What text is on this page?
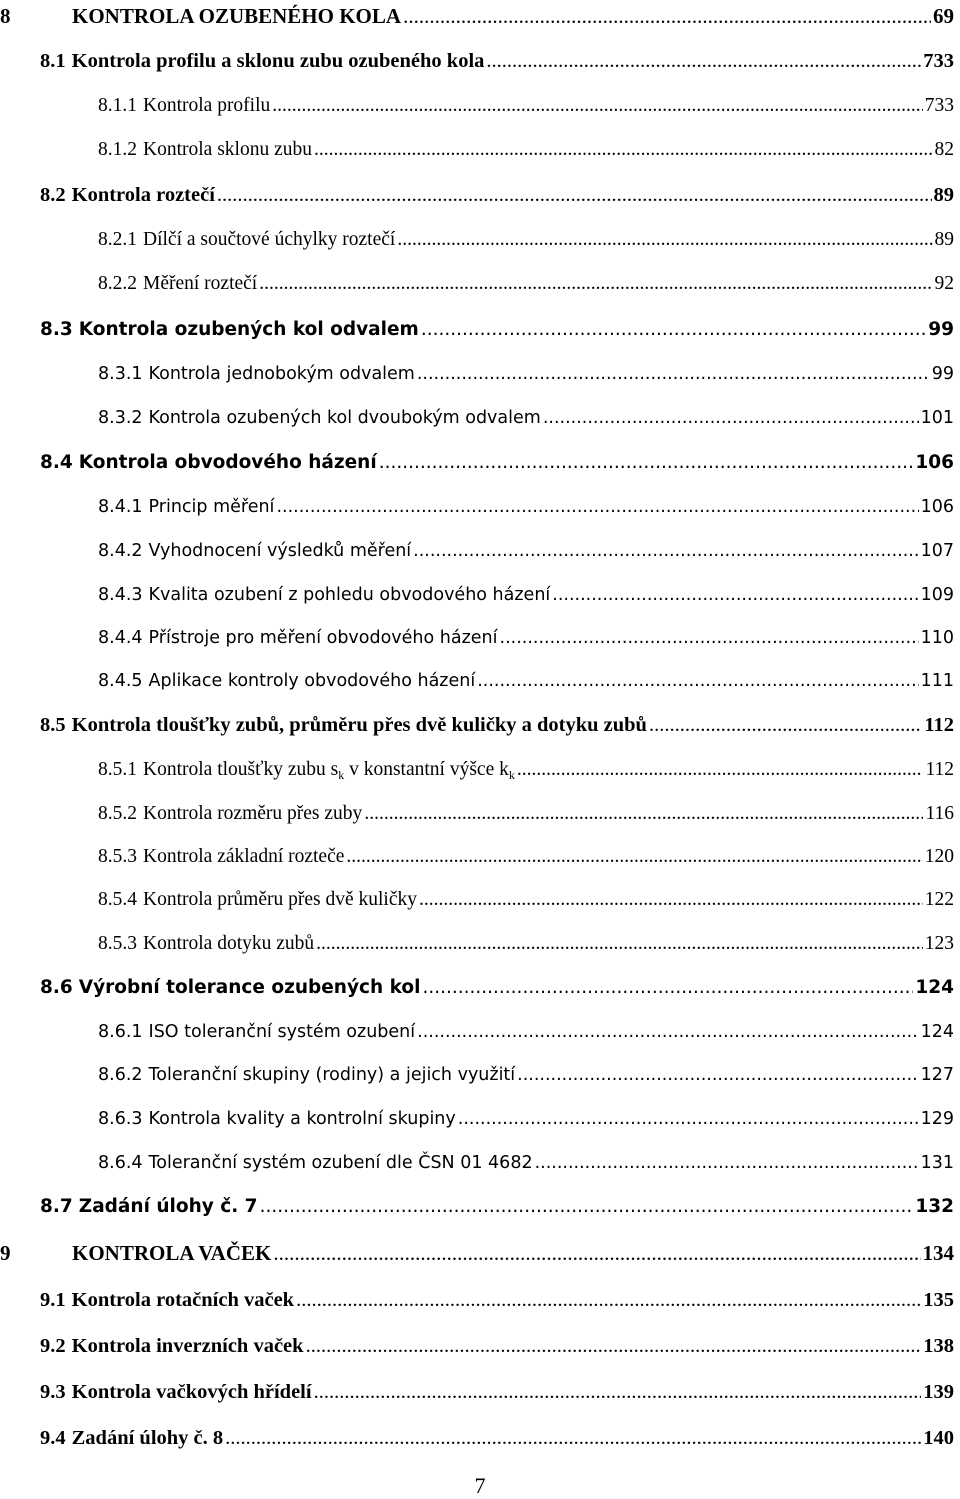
8	KONTROLA OZUBENÉHO KOLA .....	69
8.1 Kontrola profilu a sklonu zubu ozubeného kola .....	733
8.1.1 Kontrola profilu .....	733
8.1.2 Kontrola sklonu zubu .....	82
8.2 Kontrola roztečí .....	89
8.2.1 Dílčí a součtové úchylky roztečí .....	89
8.2.2 Měření roztečí .....	92
8.3 Kontrola ozubených kol odvalem .....	99
8.3.1 Kontrola jednobokým odvalem .....	99
8.3.2 Kontrola ozubených kol dvoubokým odvalem .....	101
8.4 Kontrola obvodového házení .....	106
8.4.1 Princip měření .....	106
8.4.2 Vyhodnocení výsledků měření .....	107
8.4.3 Kvalita ozubení z pohledu obvodového házení .....	109
8.4.4 Přístroje pro měření obvodového házení .....	110
8.4.5 Aplikace kontroly obvodového házení .....	111
8.5 Kontrola tloušťky zubů, průměru přes dvě kuličky a dotyku zubů .....	112
8.5.1 Kontrola tloušťky zubu $s_k$ v konstantní výšce $k_k$ .....	112
8.5.2 Kontrola rozměru přes zuby .....	116
8.5.3 Kontrola základní rozteče .....	120
8.5.4 Kontrola průměru přes dvě kuličky .....	122
8.5.3 Kontrola dotyku zubů .....	123
8.6 Výrobní tolerance ozubených kol .....	124
8.6.1 ISO toleranční systém ozubení .....	124
8.6.2 Toleranční skupiny (rodiny) a jejich využití .....	127
8.6.3 Kontrola kvality a kontrolní skupiny .....	129
8.6.4 Toleranční systém ozubení dle ČSN 01 4682 .....	131
8.7 Zadání úlohy č. 7 .....	132
9	KONTROLA VAČEK .....	134
9.1 Kontrola rotačních vaček .....	135
9.2 Kontrola inverzních vaček .....	138
9.3 Kontrola vačkových hřídelí .....	139
9.4 Zadání úlohy č. 8 .....	140
7
